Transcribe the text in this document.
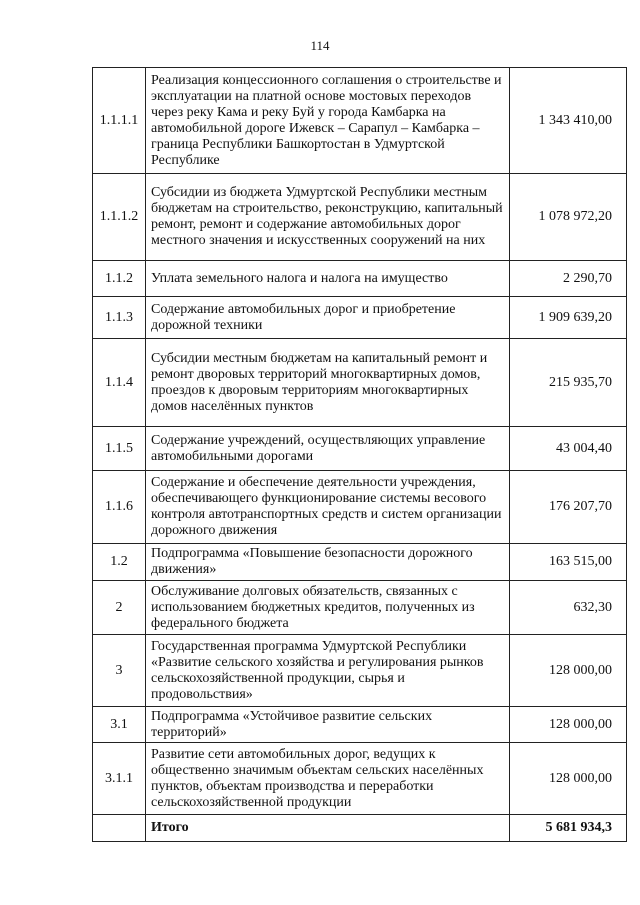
114
1.1.1.1	Реализация концессионного соглашения о строительстве и эксплуатации на платной основе мостовых переходов через реку Кама и реку Буй у города Камбарка на автомобильной дороге Ижевск – Сарапул – Камбарка – граница Республики Башкортостан в Удмуртской Республике	1 343 410,00
1.1.1.2	Субсидии из бюджета Удмуртской Республики местным бюджетам на строительство, реконструкцию, капитальный ремонт, ремонт и содержание автомобильных дорог местного значения и искусственных сооружений на них	1 078 972,20
1.1.2	Уплата земельного налога и налога на имущество	2 290,70
1.1.3	Содержание автомобильных дорог и приобретение дорожной техники	1 909 639,20
1.1.4	Субсидии местным бюджетам на капитальный ремонт и ремонт дворовых территорий многоквартирных домов, проездов к дворовым территориям многоквартирных домов населённых пунктов	215 935,70
1.1.5	Содержание учреждений, осуществляющих управление автомобильными дорогами	43 004,40
1.1.6	Содержание и обеспечение деятельности учреждения, обеспечивающего функционирование системы весового контроля автотранспортных средств и систем организации дорожного движения	176 207,70
1.2	Подпрограмма «Повышение безопасности дорожного движения»	163 515,00
2	Обслуживание долговых обязательств, связанных с использованием бюджетных кредитов, полученных из федерального бюджета	632,30
3	Государственная программа Удмуртской Республики «Развитие сельского хозяйства и регулирования рынков сельскохозяйственной продукции, сырья и продовольствия»	128 000,00
3.1	Подпрограмма «Устойчивое развитие сельских территорий»	128 000,00
3.1.1	Развитие сети автомобильных дорог, ведущих к общественно значимым объектам сельских населённых пунктов, объектам производства и переработки сельскохозяйственной продукции	128 000,00
	Итого	5 681 934,3
